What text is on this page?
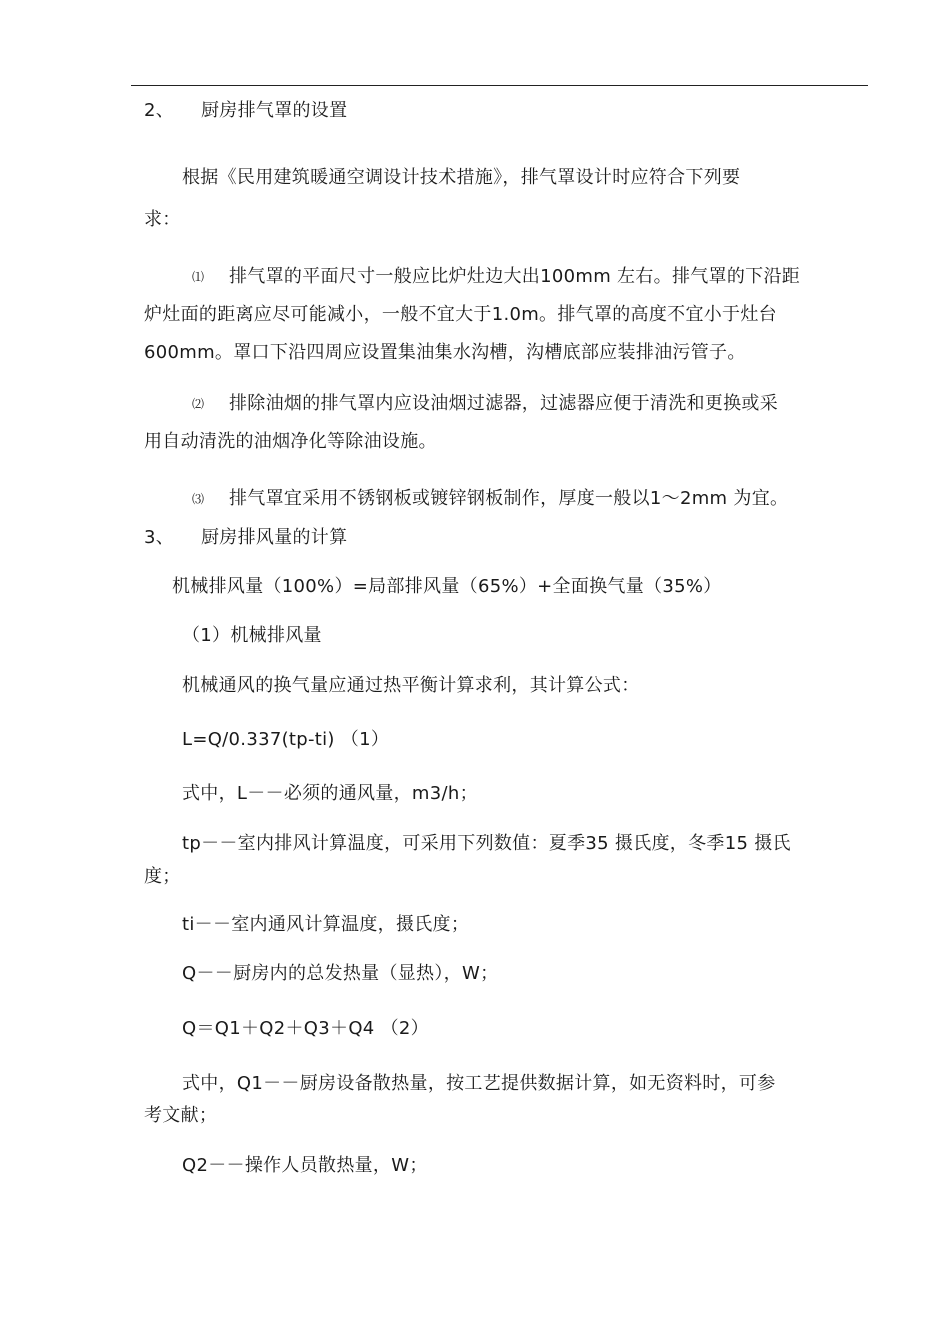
2、 厨房排气罩的设置
根据《民用建筑暖通空调设计技术措施》，排气罩设计时应符合下列要
求：
⑴ 排气罩的平面尺寸一般应比炉灶边大出100mm 左右。排气罩的下沿距
炉灶面的距离应尽可能减小，一般不宜大于1.0m。排气罩的高度不宜小于灶台
600mm。罩口下沿四周应设置集油集水沟槽，沟槽底部应装排油污管子。
⑵ 排除油烟的排气罩内应设油烟过滤器，过滤器应便于清洗和更换或采
用自动清洗的油烟净化等除油设施。
⑶ 排气罩宜采用不锈钢板或镀锌钢板制作，厚度一般以1～2mm 为宜。
3、 厨房排风量的计算
机械排风量（100%）=局部排风量（65%）+全面换气量（35%）
（1）机械排风量
机械通风的换气量应通过热平衡计算求利，其计算公式：
L=Q/0.337(tp-ti) （1）
式中，L－－必须的通风量，m3/h；
tp－－室内排风计算温度，可采用下列数值：夏季35 摄氏度，冬季15 摄氏
度；
ti－－室内通风计算温度，摄氏度；
Q－－厨房内的总发热量（显热），W；
Q＝Q1＋Q2＋Q3＋Q4 （2）
式中，Q1－－厨房设备散热量，按工艺提供数据计算，如无资料时，可参
考文献；
Q2－－操作人员散热量，W；
